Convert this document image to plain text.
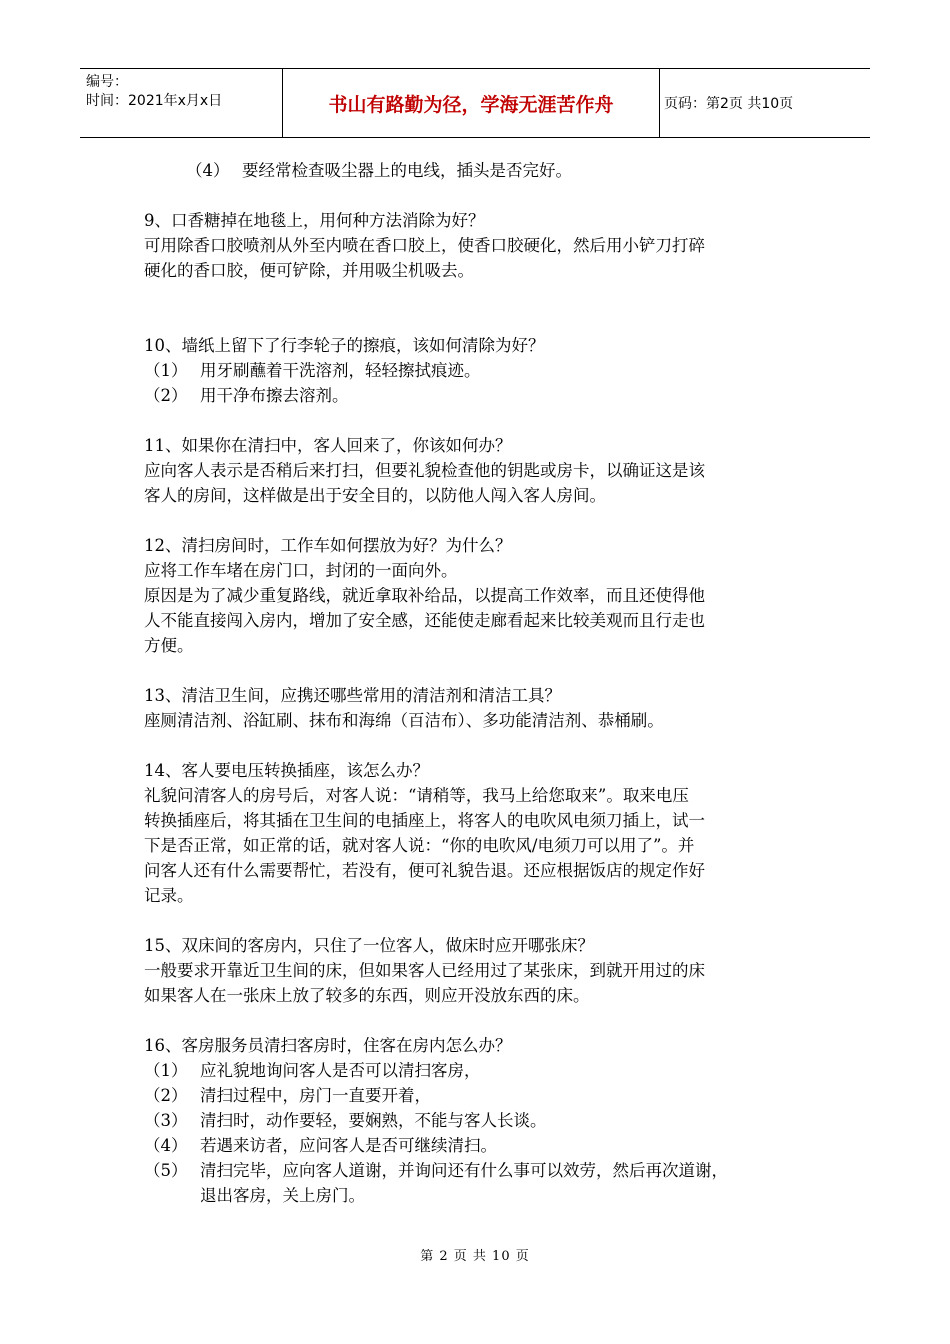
编号：
时间：2021年x月x日	书山有路勤为径，学海无涯苦作舟	页码：第2页 共10页
（4） 要经常检查吸尘器上的电线，插头是否完好。
9、口香糖掉在地毯上，用何种方法消除为好？
可用除香口胶喷剂从外至内喷在香口胶上，使香口胶硬化，然后用小铲刀打碎
硬化的香口胶，便可铲除，并用吸尘机吸去。
10、墙纸上留下了行李轮子的擦痕，该如何清除为好？
（1） 用牙刷蘸着干洗溶剂，轻轻擦拭痕迹。
（2） 用干净布擦去溶剂。
11、如果你在清扫中，客人回来了，你该如何办？
应向客人表示是否稍后来打扫，但要礼貌检查他的钥匙或房卡，以确证这是该
客人的房间，这样做是出于安全目的，以防他人闯入客人房间。
12、清扫房间时，工作车如何摆放为好？为什么？
应将工作车堵在房门口，封闭的一面向外。
原因是为了减少重复路线，就近拿取补给品，以提高工作效率，而且还使得他
人不能直接闯入房内，增加了安全感，还能使走廊看起来比较美观而且行走也
方便。
13、清洁卫生间，应携还哪些常用的清洁剂和清洁工具？
座厕清洁剂、浴缸刷、抹布和海绵（百洁布）、多功能清洁剂、恭桶刷。
14、客人要电压转换插座，该怎么办？
礼貌问清客人的房号后，对客人说：“请稍等，我马上给您取来”。取来电压
转换插座后，将其插在卫生间的电插座上，将客人的电吹风电须刀插上，试一
下是否正常，如正常的话，就对客人说：“你的电吹风/电须刀可以用了”。并
问客人还有什么需要帮忙，若没有，便可礼貌告退。还应根据饭店的规定作好
记录。
15、双床间的客房内，只住了一位客人，做床时应开哪张床？
一般要求开靠近卫生间的床，但如果客人已经用过了某张床，到就开用过的床
如果客人在一张床上放了较多的东西，则应开没放东西的床。
16、客房服务员清扫客房时，住客在房内怎么办？
（1） 应礼貌地询问客人是否可以清扫客房，
（2） 清扫过程中，房门一直要开着，
（3） 清扫时，动作要轻，要娴熟，不能与客人长谈。
（4） 若遇来访者，应问客人是否可继续清扫。
（5） 清扫完毕，应向客人道谢，并询问还有什么事可以效劳，然后再次道谢，
退出客房，关上房门。
第 2 页 共 10 页
